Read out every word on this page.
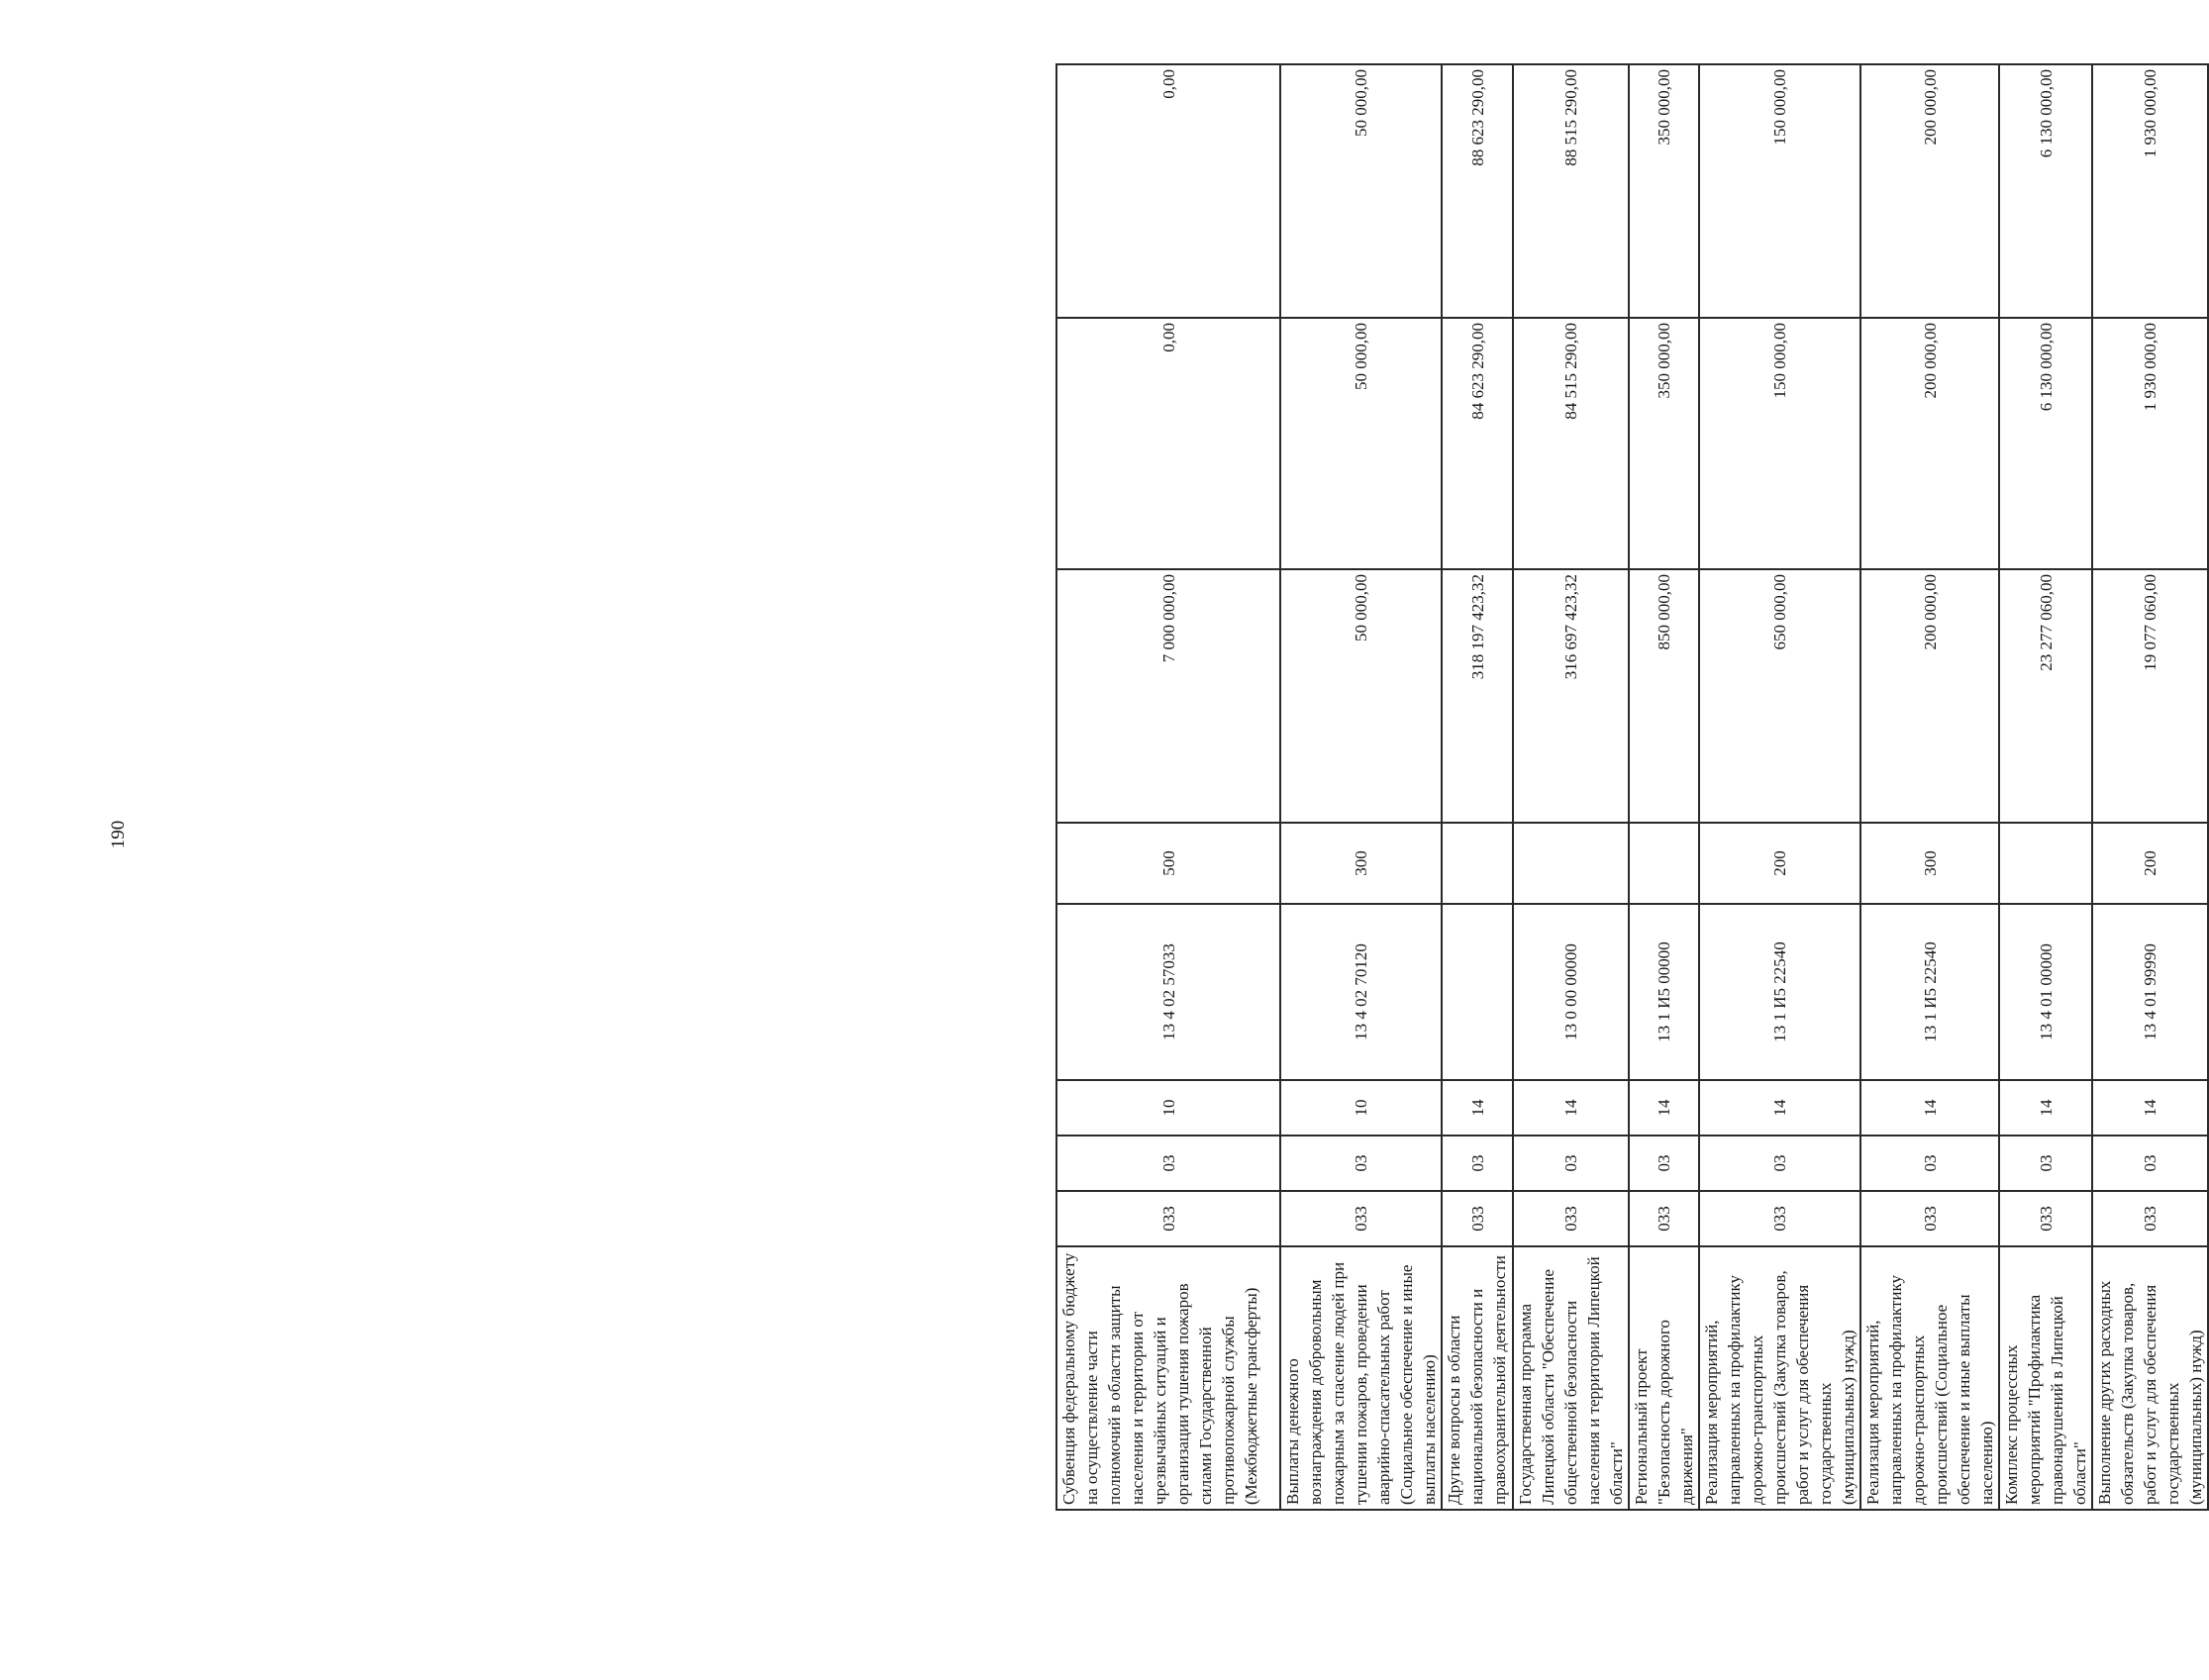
190
Субвенция федеральному бюджету на осуществление части полномочий в области защиты населения и территории от чрезвычайных ситуаций и организации тушения пожаров силами Государственной противопожарной службы (Межбюджетные трансферты)	033	03	10	13 4 02 57033	500	7 000 000,00	0,00	0,00
Выплаты денежного вознаграждения добровольным пожарным за спасение людей при тушении пожаров, проведении аварийно-спасательных работ (Социальное обеспечение и иные выплаты населению)	033	03	10	13 4 02 70120	300	50 000,00	50 000,00	50 000,00
Другие вопросы в области национальной безопасности и правоохранительной деятельности	033	03	14			318 197 423,32	84 623 290,00	88 623 290,00
Государственная программа Липецкой области "Обеспечение общественной безопасности населения и территории Липецкой области"	033	03	14	13 0 00 00000		316 697 423,32	84 515 290,00	88 515 290,00
Региональный проект "Безопасность дорожного движения"	033	03	14	13 1 И5 00000		850 000,00	350 000,00	350 000,00
Реализация мероприятий, направленных на профилактику дорожно-транспортных происшествий (Закупка товаров, работ и услуг для обеспечения государственных (муниципальных) нужд)	033	03	14	13 1 И5 22540	200	650 000,00	150 000,00	150 000,00
Реализация мероприятий, направленных на профилактику дорожно-транспортных происшествий (Социальное обеспечение и иные выплаты населению)	033	03	14	13 1 И5 22540	300	200 000,00	200 000,00	200 000,00
Комплекс процессных мероприятий "Профилактика правонарушений в Липецкой области"	033	03	14	13 4 01 00000		23 277 060,00	6 130 000,00	6 130 000,00
Выполнение других расходных обязательств (Закупка товаров, работ и услуг для обеспечения государственных (муниципальных) нужд)	033	03	14	13 4 01 99990	200	19 077 060,00	1 930 000,00	1 930 000,00
